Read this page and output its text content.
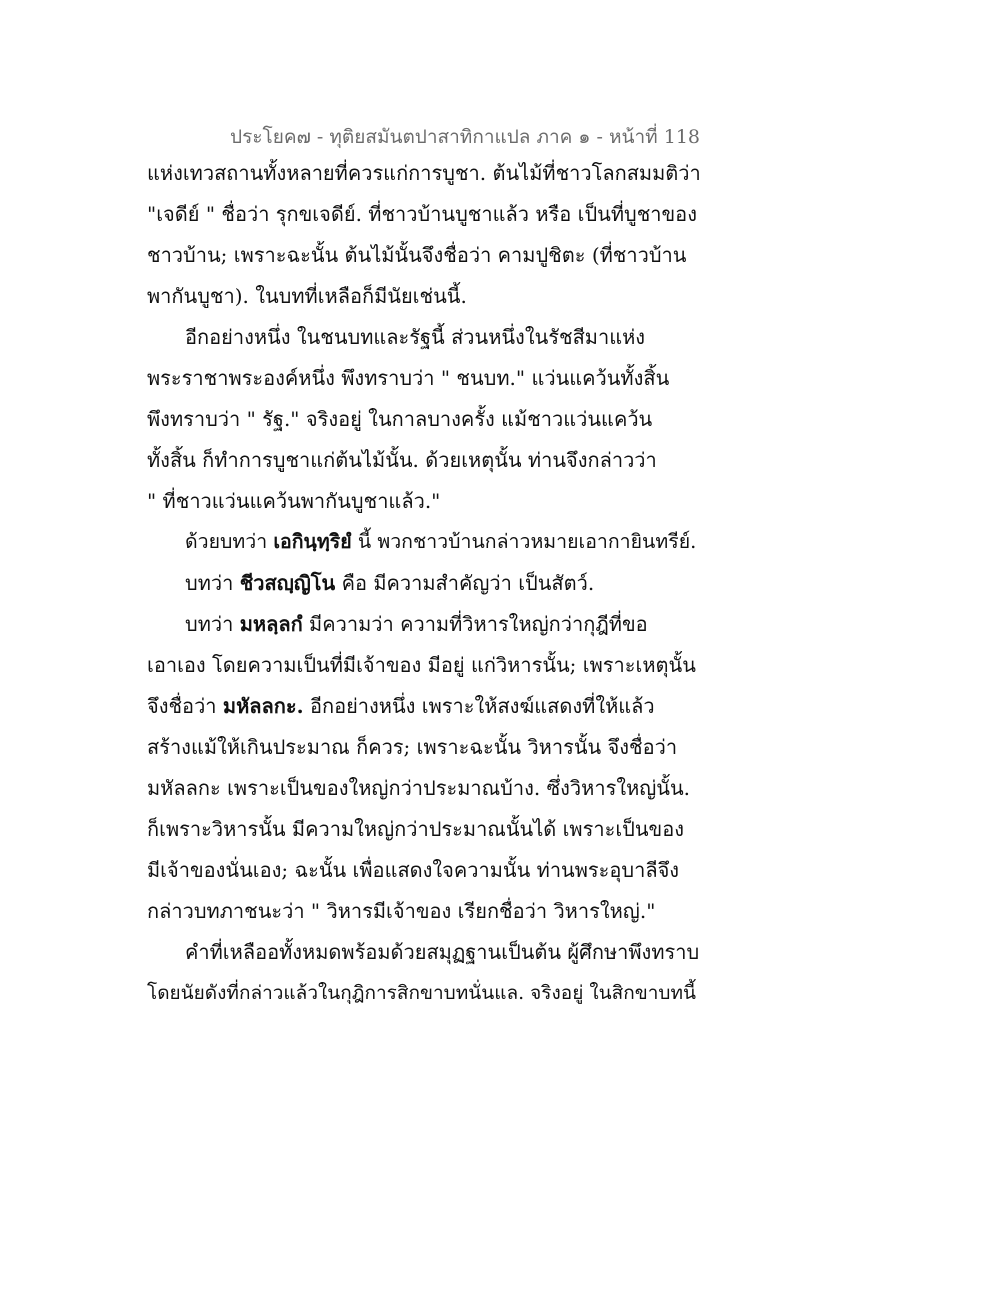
ประโยค๗ - ทุติยสมันตปาสาทิกาแปล ภาค ๑ - หน้าที่ 118
แห่งเทวสถานทั้งหลายที่ควรแก่การบูชา. ต้นไม้ที่ชาวโลกสมมติว่า
"เจดีย์ " ชื่อว่า รุกขเจดีย์. ที่ชาวบ้านบูชาแล้ว หรือ เป็นที่บูชาของ
ชาวบ้าน; เพราะฉะนั้น ต้นไม้นั้นจึงชื่อว่า คามปูชิตะ (ที่ชาวบ้าน
พากันบูชา). ในบทที่เหลือก็มีนัยเช่นนี้.
อีกอย่างหนึ่ง ในชนบทและรัฐนี้ ส่วนหนึ่งในรัชสีมาแห่ง
พระราชาพระองค์หนึ่ง พึงทราบว่า " ชนบท." แว่นแคว้นทั้งสิ้น
พึงทราบว่า " รัฐ." จริงอยู่ ในกาลบางครั้ง แม้ชาวแว่นแคว้น
ทั้งสิ้น ก็ทำการบูชาแก่ต้นไม้นั้น. ด้วยเหตุนั้น ท่านจึงกล่าวว่า
" ที่ชาวแว่นแคว้นพากันบูชาแล้ว."
ด้วยบทว่า เอกินฺทฺริยํ นี้ พวกชาวบ้านกล่าวหมายเอากายินทรีย์.
บทว่า ชีวสญฺญิโน คือ มีความสำคัญว่า เป็นสัตว์.
บทว่า มหลฺลกํ มีความว่า ความที่วิหารใหญ่กว่ากุฎีที่ขอ
เอาเอง โดยความเป็นที่มีเจ้าของ มีอยู่ แก่วิหารนั้น; เพราะเหตุนั้น
จึงชื่อว่า มหัลลกะ. อีกอย่างหนึ่ง เพราะให้สงฆ์แสดงที่ให้แล้ว
สร้างแม้ให้เกินประมาณ ก็ควร; เพราะฉะนั้น วิหารนั้น จึงชื่อว่า
มหัลลกะ เพราะเป็นของใหญ่กว่าประมาณบ้าง. ซึ่งวิหารใหญ่นั้น.
ก็เพราะวิหารนั้น มีความใหญ่กว่าประมาณนั้นได้ เพราะเป็นของ
มีเจ้าของนั่นเอง; ฉะนั้น เพื่อแสดงใจความนั้น ท่านพระอุบาลีจึง
กล่าวบทภาชนะว่า " วิหารมีเจ้าของ เรียกชื่อว่า วิหารใหญ่."
คำที่เหลืออทั้งหมดพร้อมด้วยสมุฏฐานเป็นต้น ผู้ศึกษาพึงทราบ
โดยนัยดังที่กล่าวแล้วในกุฎิการสิกขาบทนั่นแล. จริงอยู่ ในสิกขาบทนี้
